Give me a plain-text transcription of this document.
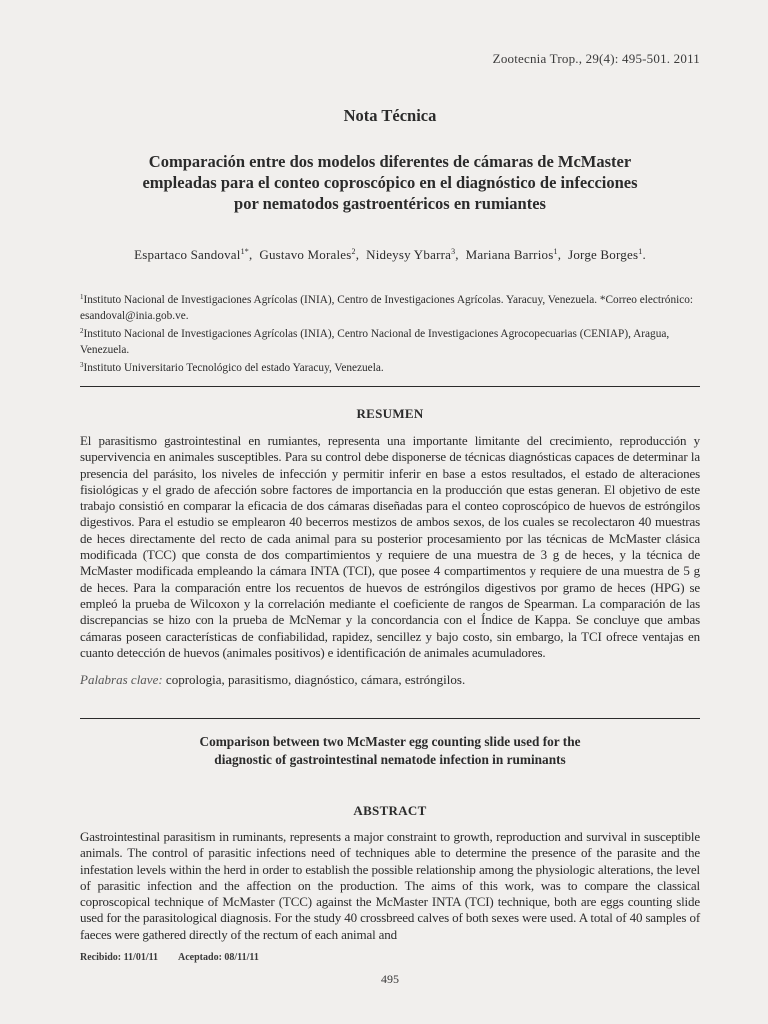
Zootecnia Trop., 29(4): 495-501. 2011
Nota Técnica
Comparación entre dos modelos diferentes de cámaras de McMaster
empleadas para el conteo coproscópico en el diagnóstico de infecciones
por nematodos gastroentéricos en rumiantes
Espartaco Sandoval$^{1*}$,  Gustavo Morales$^2$,  Nideysy Ybarra$^3$,  Mariana Barrios$^1$,  Jorge Borges$^1$.

$^1$Instituto Nacional de Investigaciones Agrícolas (INIA), Centro de Investigaciones Agrícolas. Yaracuy, Venezuela. *Correo electrónico: esandoval@inia.gob.ve.

$^2$Instituto Nacional de Investigaciones Agrícolas (INIA), Centro Nacional de Investigaciones Agrocopecuarias (CENIAP), Aragua, Venezuela.

$^3$Instituto Universitario Tecnológico del estado Yaracuy, Venezuela.

RESUMEN
El parasitismo gastrointestinal en rumiantes, representa una importante limitante del crecimiento, reproducción y supervivencia en animales susceptibles. Para su control debe disponerse de técnicas diagnósticas capaces de determinar la presencia del parásito, los niveles de infección y permitir inferir en base a estos resultados, el estado de alteraciones fisiológicas y el grado de afección sobre factores de importancia en la producción que estas generan. El objetivo de este trabajo consistió en comparar la eficacia de dos cámaras diseñadas para el conteo coproscópico de huevos de estróngilos digestivos. Para el estudio se emplearon 40 becerros mestizos de ambos sexos, de los cuales se recolectaron 40 muestras de heces directamente del recto de cada animal para su posterior procesamiento por las técnicas de McMaster clásica modificada (TCC) que consta de dos compartimientos y requiere de una muestra de 3 g de heces, y la técnica de McMaster modificada empleando la cámara INTA (TCI), que posee 4 compartimentos y requiere de una muestra de 5 g de heces. Para la comparación entre los recuentos de huevos de estróngilos digestivos por gramo de heces (HPG) se empleó la prueba de Wilcoxon y la correlación mediante el coeficiente de rangos de Spearman. La comparación de las discrepancias se hizo con la prueba de McNemar y la concordancia con el Índice de Kappa. Se concluye que ambas cámaras poseen características de confiabilidad, rapidez, sencillez y bajo costo, sin embargo, la TCI ofrece ventajas en cuanto detección de huevos (animales positivos) e identificación de animales acumuladores.
Palabras clave: coprologia, parasitismo, diagnóstico, cámara, estróngilos.
Comparison between two McMaster egg counting slide used for the
diagnostic of gastrointestinal nematode infection in ruminants
ABSTRACT
Gastrointestinal parasitism in ruminants, represents a major constraint to growth, reproduction and survival in susceptible animals. The control of parasitic infections need of techniques able to determine the presence of the parasite and the infestation levels within the herd in order to establish the possible relationship among the physiologic alterations, the level of parasitic infection and the affection on the production. The aims of this work, was to compare the classical coproscopical technique of McMaster (TCC) against the McMaster INTA (TCI) technique, both are eggs counting slide used for the parasitological diagnosis. For the study 40 crossbreed calves of both sexes were used. A total of 40 samples of faeces were gathered directly of the rectum of each animal and
Recibido: 11/01/11 Aceptado: 08/11/11
495
